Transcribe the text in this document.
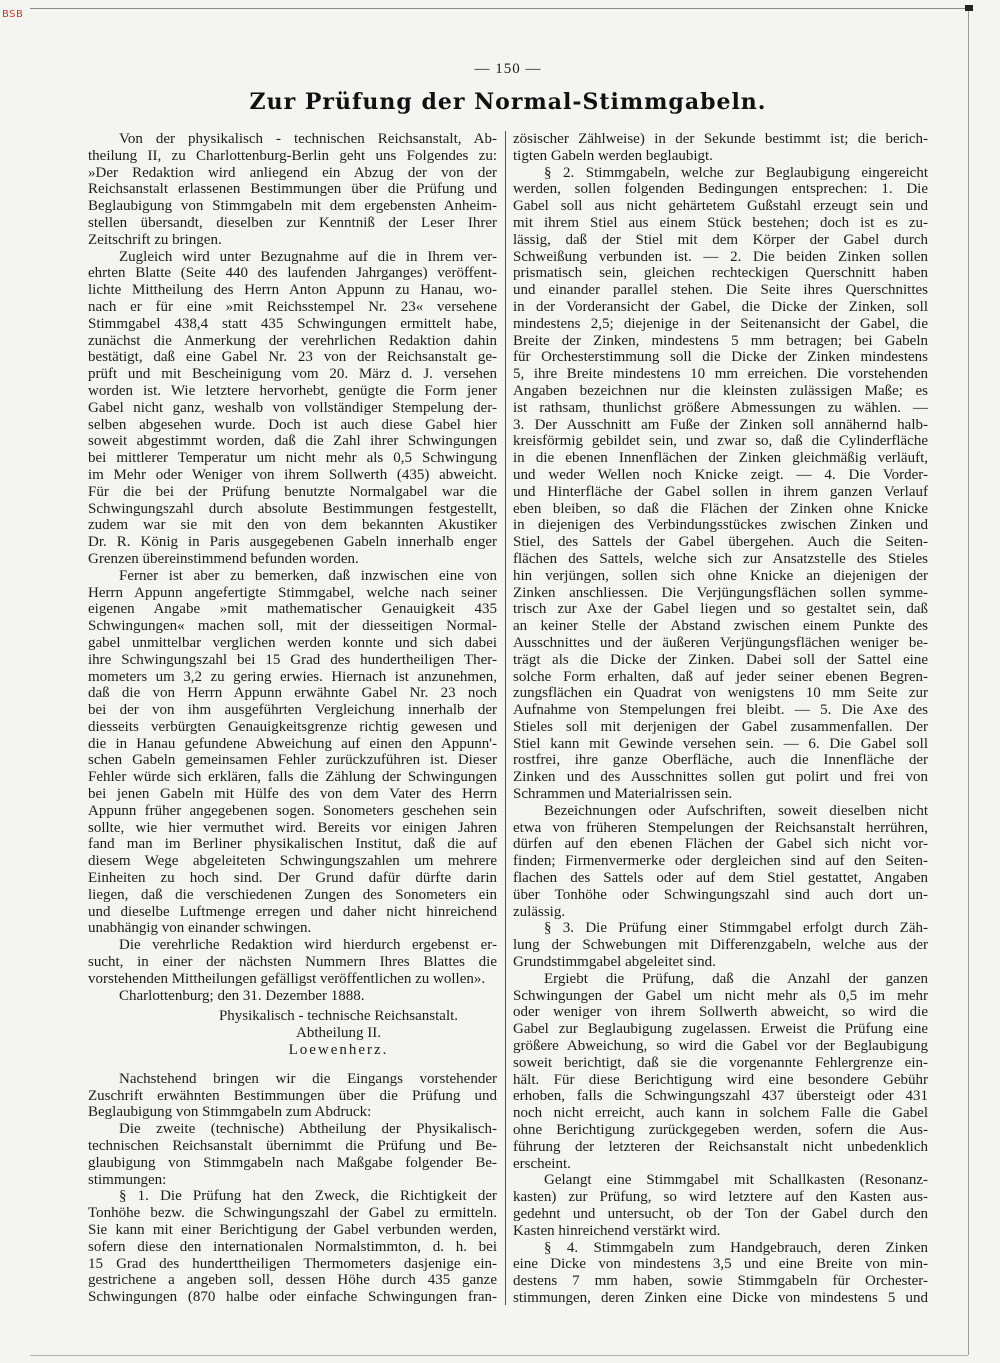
BSB
— 150 —
Zur Prüfung der Normal-Stimmgabeln.
Von der physikalisch - technischen Reichsanstalt, Ab-
theilung II, zu Charlottenburg-Berlin geht uns Folgendes zu:
»Der Redaktion wird anliegend ein Abzug der von der
Reichsanstalt erlassenen Bestimmungen über die Prüfung und
Beglaubigung von Stimmgabeln mit dem ergebensten Anheim-
stellen übersandt, dieselben zur Kenntniß der Leser Ihrer
Zeitschrift zu bringen.
Zugleich wird unter Bezugnahme auf die in Ihrem ver-
ehrten Blatte (Seite 440 des laufenden Jahrganges) veröffent-
lichte Mittheilung des Herrn Anton Appunn zu Hanau, wo-
nach er für eine »mit Reichsstempel Nr. 23« versehene
Stimmgabel 438,4 statt 435 Schwingungen ermittelt habe,
zunächst die Anmerkung der verehrlichen Redaktion dahin
bestätigt, daß eine Gabel Nr. 23 von der Reichsanstalt ge-
prüft und mit Bescheinigung vom 20. März d. J. versehen
worden ist. Wie letztere hervorhebt, genügte die Form jener
Gabel nicht ganz, weshalb von vollständiger Stempelung der-
selben abgesehen wurde. Doch ist auch diese Gabel hier
soweit abgestimmt worden, daß die Zahl ihrer Schwingungen
bei mittlerer Temperatur um nicht mehr als 0,5 Schwingung
im Mehr oder Weniger von ihrem Sollwerth (435) abweicht.
Für die bei der Prüfung benutzte Normalgabel war die
Schwingungszahl durch absolute Bestimmungen festgestellt,
zudem war sie mit den von dem bekannten Akustiker
Dr. R. König in Paris ausgegebenen Gabeln innerhalb enger
Grenzen übereinstimmend befunden worden.
Ferner ist aber zu bemerken, daß inzwischen eine von
Herrn Appunn angefertigte Stimmgabel, welche nach seiner
eigenen Angabe »mit mathematischer Genauigkeit 435
Schwingungen« machen soll, mit der diesseitigen Normal-
gabel unmittelbar verglichen werden konnte und sich dabei
ihre Schwingungszahl bei 15 Grad des hundertheiligen Ther-
mometers um 3,2 zu gering erwies. Hiernach ist anzunehmen,
daß die von Herrn Appunn erwähnte Gabel Nr. 23 noch
bei der von ihm ausgeführten Vergleichung innerhalb der
diesseits verbürgten Genauigkeitsgrenze richtig gewesen und
die in Hanau gefundene Abweichung auf einen den Appunn'-
schen Gabeln gemeinsamen Fehler zurückzuführen ist. Dieser
Fehler würde sich erklären, falls die Zählung der Schwingungen
bei jenen Gabeln mit Hülfe des von dem Vater des Herrn
Appunn früher angegebenen sogen. Sonometers geschehen sein
sollte, wie hier vermuthet wird. Bereits vor einigen Jahren
fand man im Berliner physikalischen Institut, daß die auf
diesem Wege abgeleiteten Schwingungszahlen um mehrere
Einheiten zu hoch sind. Der Grund dafür dürfte darin
liegen, daß die verschiedenen Zungen des Sonometers ein
und dieselbe Luftmenge erregen und daher nicht hinreichend
unabhängig von einander schwingen.
Die verehrliche Redaktion wird hierdurch ergebenst er-
sucht, in einer der nächsten Nummern Ihres Blattes die
vorstehenden Mittheilungen gefälligst veröffentlichen zu wollen».
Charlottenburg; den 31. Dezember 1888.
Physikalisch - technische Reichsanstalt.
Abtheilung II.
Loewenherz.
Nachstehend bringen wir die Eingangs vorstehender
Zuschrift erwähnten Bestimmungen über die Prüfung und
Beglaubigung von Stimmgabeln zum Abdruck:
Die zweite (technische) Abtheilung der Physikalisch-
technischen Reichsanstalt übernimmt die Prüfung und Be-
glaubigung von Stimmgabeln nach Maßgabe folgender Be-
stimmungen:
§ 1. Die Prüfung hat den Zweck, die Richtigkeit der
Tonhöhe bezw. die Schwingungszahl der Gabel zu ermitteln.
Sie kann mit einer Berichtigung der Gabel verbunden werden,
sofern diese den internationalen Normalstimmton, d. h. bei
15 Grad des hunderttheiligen Thermometers dasjenige ein-
gestrichene a angeben soll, dessen Höhe durch 435 ganze
Schwingungen (870 halbe oder einfache Schwingungen fran-
zösischer Zählweise) in der Sekunde bestimmt ist; die berich-
tigten Gabeln werden beglaubigt.
§ 2. Stimmgabeln, welche zur Beglaubigung eingereicht
werden, sollen folgenden Bedingungen entsprechen: 1. Die
Gabel soll aus nicht gehärtetem Gußstahl erzeugt sein und
mit ihrem Stiel aus einem Stück bestehen; doch ist es zu-
lässig, daß der Stiel mit dem Körper der Gabel durch
Schweißung verbunden ist. — 2. Die beiden Zinken sollen
prismatisch sein, gleichen rechteckigen Querschnitt haben
und einander parallel stehen. Die Seite ihres Querschnittes
in der Vorderansicht der Gabel, die Dicke der Zinken, soll
mindestens 2,5; diejenige in der Seitenansicht der Gabel, die
Breite der Zinken, mindestens 5 mm betragen; bei Gabeln
für Orchesterstimmung soll die Dicke der Zinken mindestens
5, ihre Breite mindestens 10 mm erreichen. Die vorstehenden
Angaben bezeichnen nur die kleinsten zulässigen Maße; es
ist rathsam, thunlichst größere Abmessungen zu wählen. —
3. Der Ausschnitt am Fuße der Zinken soll annähernd halb-
kreisförmig gebildet sein, und zwar so, daß die Cylinderfläche
in die ebenen Innenflächen der Zinken gleichmäßig verläuft,
und weder Wellen noch Knicke zeigt. — 4. Die Vorder-
und Hinterfläche der Gabel sollen in ihrem ganzen Verlauf
eben bleiben, so daß die Flächen der Zinken ohne Knicke
in diejenigen des Verbindungsstückes zwischen Zinken und
Stiel, des Sattels der Gabel übergehen. Auch die Seiten-
flächen des Sattels, welche sich zur Ansatzstelle des Stieles
hin verjüngen, sollen sich ohne Knicke an diejenigen der
Zinken anschliessen. Die Verjüngungsflächen sollen symme-
trisch zur Axe der Gabel liegen und so gestaltet sein, daß
an keiner Stelle der Abstand zwischen einem Punkte des
Ausschnittes und der äußeren Verjüngungsflächen weniger be-
trägt als die Dicke der Zinken. Dabei soll der Sattel eine
solche Form erhalten, daß auf jeder seiner ebenen Begren-
zungsflächen ein Quadrat von wenigstens 10 mm Seite zur
Aufnahme von Stempelungen frei bleibt. — 5. Die Axe des
Stieles soll mit derjenigen der Gabel zusammenfallen. Der
Stiel kann mit Gewinde versehen sein. — 6. Die Gabel soll
rostfrei, ihre ganze Oberfläche, auch die Innenfläche der
Zinken und des Ausschnittes sollen gut polirt und frei von
Schrammen und Materialrissen sein.
Bezeichnungen oder Aufschriften, soweit dieselben nicht
etwa von früheren Stempelungen der Reichsanstalt herrühren,
dürfen auf den ebenen Flächen der Gabel sich nicht vor-
finden; Firmenvermerke oder dergleichen sind auf den Seiten-
flachen des Sattels oder auf dem Stiel gestattet, Angaben
über Tonhöhe oder Schwingungszahl sind auch dort un-
zulässig.
§ 3. Die Prüfung einer Stimmgabel erfolgt durch Zäh-
lung der Schwebungen mit Differenzgabeln, welche aus der
Grundstimmgabel abgeleitet sind.
Ergiebt die Prüfung, daß die Anzahl der ganzen
Schwingungen der Gabel um nicht mehr als 0,5 im mehr
oder weniger von ihrem Sollwerth abweicht, so wird die
Gabel zur Beglaubigung zugelassen. Erweist die Prüfung eine
größere Abweichung, so wird die Gabel vor der Beglaubigung
soweit berichtigt, daß sie die vorgenannte Fehlergrenze ein-
hält. Für diese Berichtigung wird eine besondere Gebühr
erhoben, falls die Schwingungszahl 437 übersteigt oder 431
noch nicht erreicht, auch kann in solchem Falle die Gabel
ohne Berichtigung zurückgegeben werden, sofern die Aus-
führung der letzteren der Reichsanstalt nicht unbedenklich
erscheint.
Gelangt eine Stimmgabel mit Schallkasten (Resonanz-
kasten) zur Prüfung, so wird letztere auf den Kasten aus-
gedehnt und untersucht, ob der Ton der Gabel durch den
Kasten hinreichend verstärkt wird.
§ 4. Stimmgabeln zum Handgebrauch, deren Zinken
eine Dicke von mindestens 3,5 und eine Breite von min-
destens 7 mm haben, sowie Stimmgabeln für Orchester-
stimmungen, deren Zinken eine Dicke von mindestens 5 und
